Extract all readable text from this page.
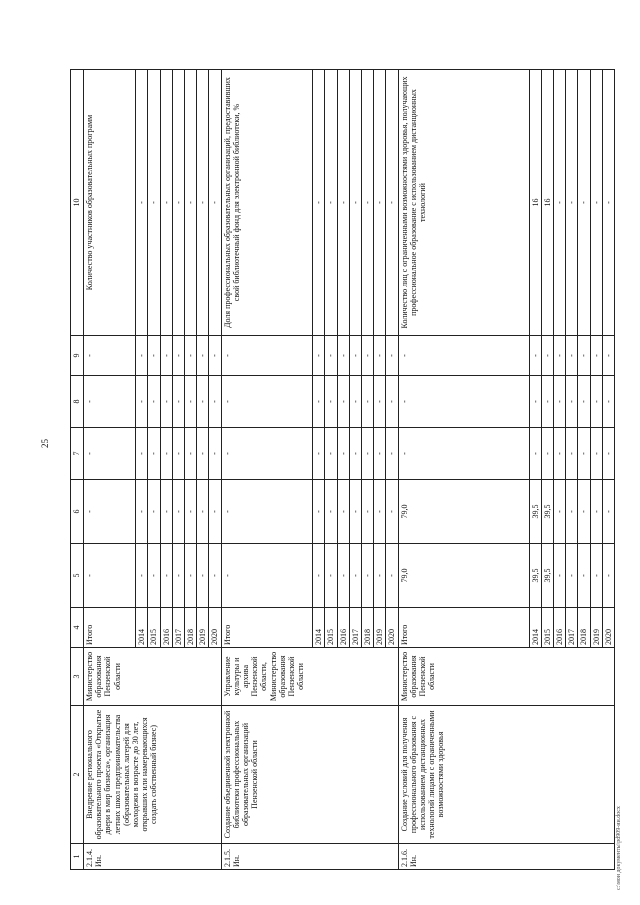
25
1	2	3	4	5	6	7	8	9	10

2.1.4. Ин.	Внедрение регионального образовательного проекта «Открытые двери в мир бизнеса», организация летних школ предпринимательства (образовательных лагерей для молодежи в возрасте до 30 лет, открывших или намеревающихся создать собственный бизнес)	Министерство образования Пензенской области	Итого	-	-	-	-	-	Количество участников образовательных программ
			2014	-	-	-	-	-	-
			2015	-	-	-	-	-	-
			2016	-	-	-	-	-	-
			2017	-	-	-	-	-	-
			2018	-	-	-	-	-	-
			2019	-	-	-	-	-	-
			2020	-	-	-	-	-	-

2.1.5. Ин.	Создание объединенной электронной библиотеки профессиональных образовательных организаций Пензенской области	Управление культуры и архива Пензенской области, Министерство образования Пензенской области	Итого	-	-	-	-	-	Доля профессиональных образовательных организаций, предоставивших свой библиотечный фонд для электронной библиотеки, %
			2014	-	-	-	-	-	-
			2015	-	-	-	-	-	-
			2016	-	-	-	-	-	-
			2017	-	-	-	-	-	-
			2018	-	-	-	-	-	-
			2019	-	-	-	-	-	-
			2020	-	-	-	-	-	-

2.1.6. Ин.	Создание условий для получения профессионального образования с использованием дистанционных технологий лицами с ограниченными возможностями здоровья	Министерство образования Пензенской области	Итого	79,0	79,0	-	-	-	Количество лиц с ограниченными возможностями здоровья, получающих профессиональное образование с использованием дистанционных технологий
			2014	39,5	39,5	-	-	-	16
			2015	39,5	39,5	-	-	-	16
			2016	-	-	-	-	-	-
			2017	-	-	-	-	-	-
			2018	-	-	-	-	-	-
			2019	-	-	-	-	-	-
			2020	-	-	-	-	-	-
c:\мои документы\pd909-ии.docx
